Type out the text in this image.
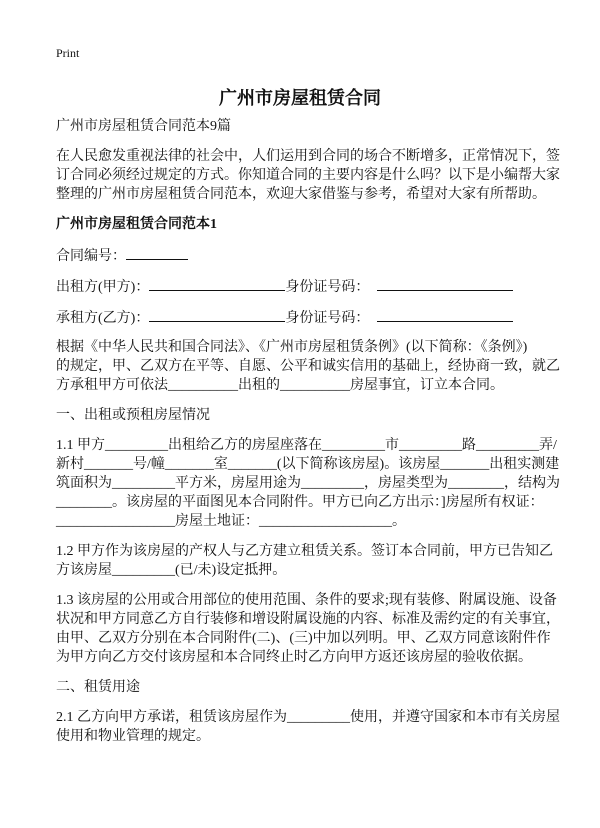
Print
广州市房屋租赁合同
广州市房屋租赁合同范本9篇
在人民愈发重视法律的社会中，人们运用到合同的场合不断增多，正常情况下，签
订合同必须经过规定的方式。你知道合同的主要内容是什么吗？以下是小编帮大家
整理的广州市房屋租赁合同范本，欢迎大家借鉴与参考，希望对大家有所帮助。
广州市房屋租赁合同范本1
合同编号：
出租方(甲方)：	身份证号码：
承租方(乙方)：	身份证号码：
根据《中华人民共和国合同法》、《广州市房屋租赁条例》(以下简称：《条例》)
的规定，甲、乙双方在平等、自愿、公平和诚实信用的基础上，经协商一致，就乙
方承租甲方可依法__________出租的__________房屋事宜，订立本合同。
一、出租或预租房屋情况
1.1 甲方_________出租给乙方的房屋座落在_________市_________路_________弄/
新村_______号/幢_______室_______(以下简称该房屋)。该房屋_______出租实测建
筑面积为_________平方米，房屋用途为_________，房屋类型为________，结构为
________。该房屋的平面图见本合同附件。甲方已向乙方出示：]房屋所有权证：
_________________房屋土地证：___________________。
1.2 甲方作为该房屋的产权人与乙方建立租赁关系。签订本合同前，甲方已告知乙
方该房屋_________(已/未)设定抵押。
1.3 该房屋的公用或合用部位的使用范围、条件的要求;现有装修、附属设施、设备
状况和甲方同意乙方自行装修和增设附属设施的内容、标准及需约定的有关事宜，
由甲、乙双方分别在本合同附件(二)、(三)中加以列明。甲、乙双方同意该附件作
为甲方向乙方交付该房屋和本合同终止时乙方向甲方返还该房屋的验收依据。
二、租赁用途
2.1 乙方向甲方承诺，租赁该房屋作为_________使用，并遵守国家和本市有关房屋
使用和物业管理的规定。
